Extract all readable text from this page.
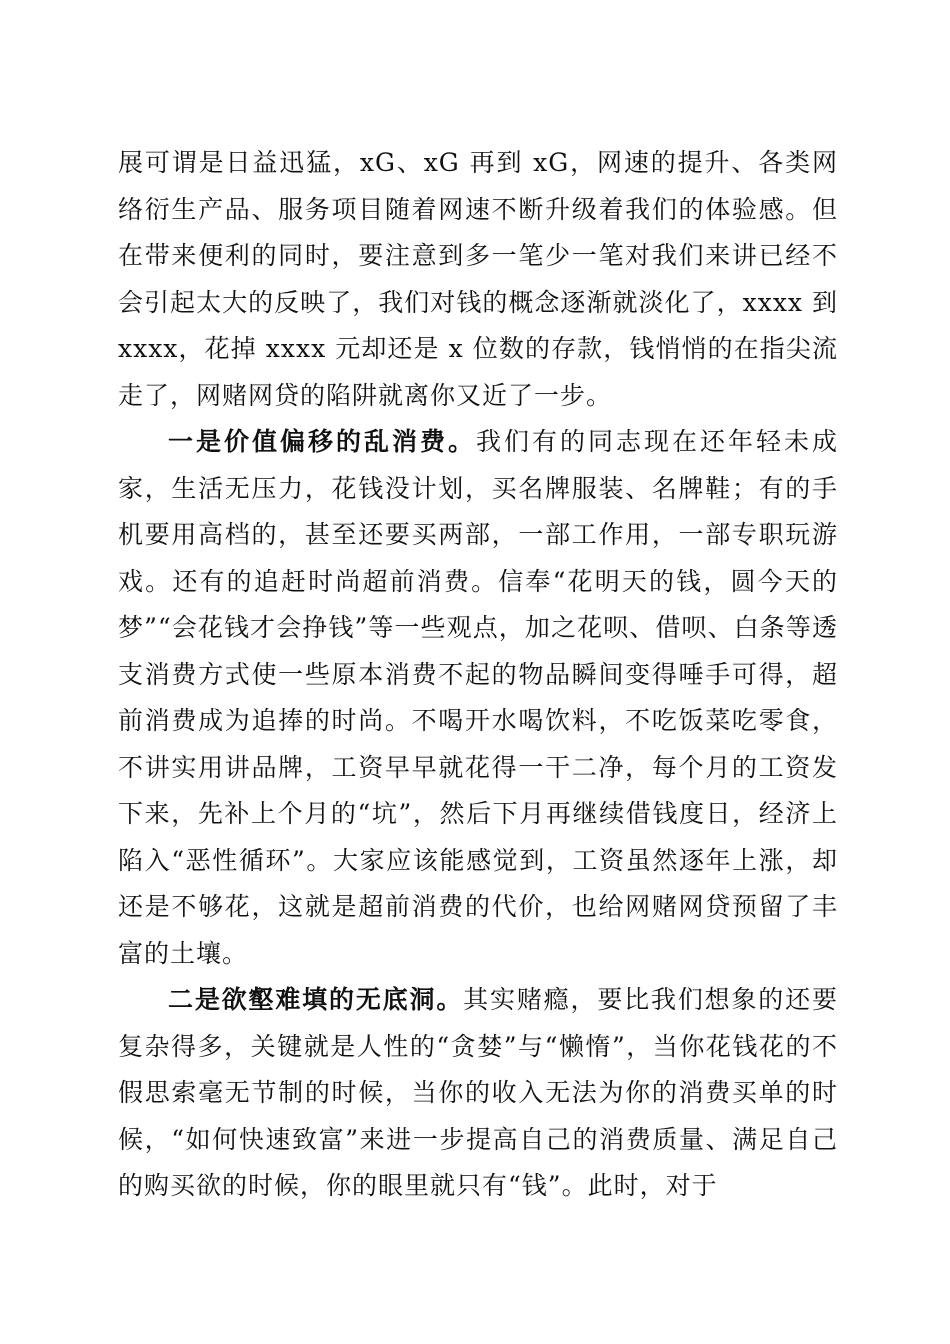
展可谓是日益迅猛，xG、xG 再到 xG，网速的提升、各类网络衍生产品、服务项目随着网速不断升级着我们的体验感。但在带来便利的同时，要注意到多一笔少一笔对我们来讲已经不会引起太大的反映了，我们对钱的概念逐渐就淡化了，xxxx 到 xxxx，花掉 xxxx 元却还是 x 位数的存款，钱悄悄的在指尖流走了，网赌网贷的陷阱就离你又近了一步。

一是价值偏移的乱消费。我们有的同志现在还年轻未成家，生活无压力，花钱没计划，买名牌服装、名牌鞋；有的手机要用高档的，甚至还要买两部，一部工作用，一部专职玩游戏。还有的追赶时尚超前消费。信奉“花明天的钱，圆今天的梦”“会花钱才会挣钱”等一些观点，加之花呗、借呗、白条等透支消费方式使一些原本消费不起的物品瞬间变得唾手可得，超前消费成为追捧的时尚。不喝开水喝饮料，不吃饭菜吃零食，不讲实用讲品牌，工资早早就花得一干二净，每个月的工资发下来，先补上个月的“坑”，然后下月再继续借钱度日，经济上陷入“恶性循环”。大家应该能感觉到，工资虽然逐年上涨，却还是不够花，这就是超前消费的代价，也给网赌网贷预留了丰富的土壤。

二是欲壑难填的无底洞。其实赌瘾，要比我们想象的还要复杂得多，关键就是人性的“贪婪”与“懒惰”，当你花钱花的不假思索毫无节制的时候，当你的收入无法为你的消费买单的时候，“如何快速致富”来进一步提高自己的消费质量、满足自己的购买欲的时候，你的眼里就只有“钱”。此时，对于
